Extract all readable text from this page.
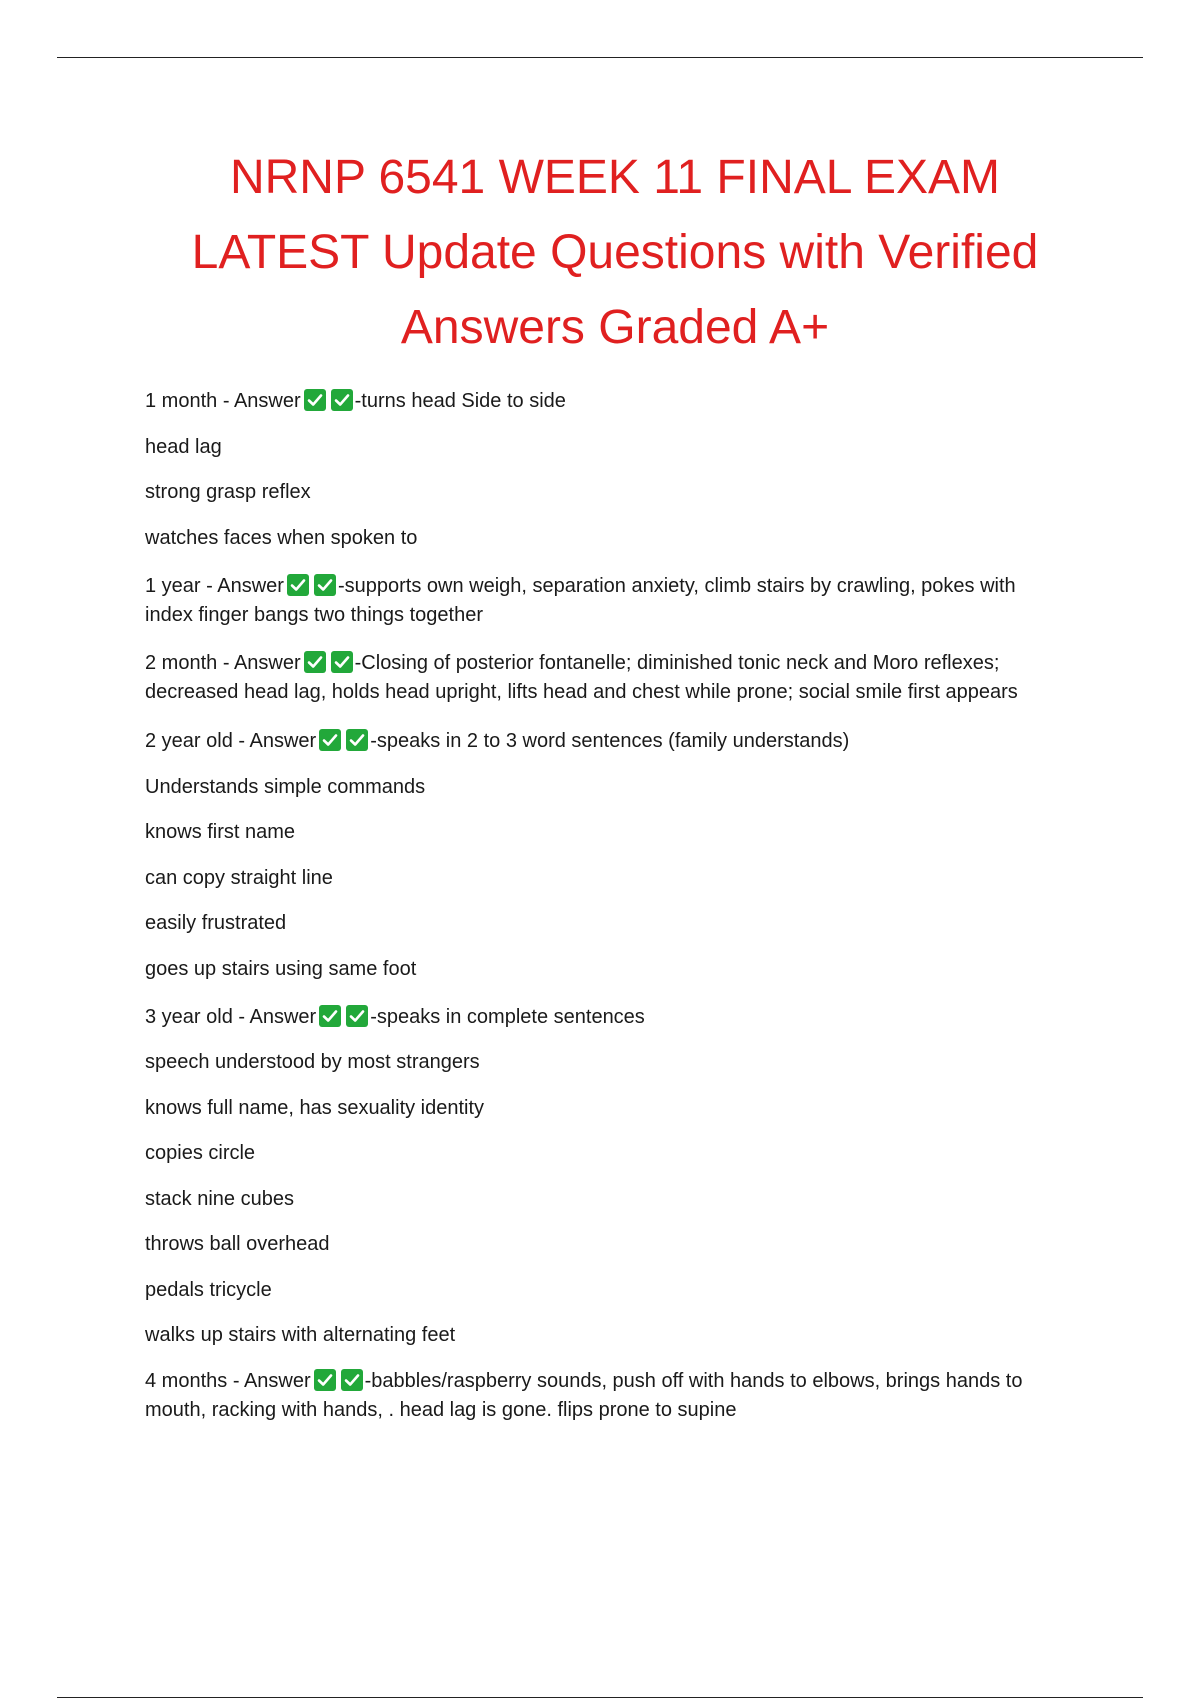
NRNP 6541 WEEK 11 FINAL EXAM
LATEST Update Questions with Verified
Answers Graded A+
1 month - Answer	-turns head Side to side
head lag
strong grasp reflex
watches faces when spoken to
1 year - Answer	-supports own weigh, separation anxiety, climb stairs by crawling, pokes with index finger bangs two things together
2 month - Answer	-Closing of posterior fontanelle; diminished tonic neck and Moro reflexes; decreased head lag, holds head upright, lifts head and chest while prone; social smile first appears
2 year old - Answer	-speaks in 2 to 3 word sentences (family understands)
Understands simple commands
knows first name
can copy straight line
easily frustrated
goes up stairs using same foot
3 year old - Answer	-speaks in complete sentences
speech understood by most strangers
knows full name, has sexuality identity
copies circle
stack nine cubes
throws ball overhead
pedals tricycle
walks up stairs with alternating feet
4 months - Answer	-babbles/raspberry sounds, push off with hands to elbows, brings hands to mouth, racking with hands, . head lag is gone. flips prone to supine
